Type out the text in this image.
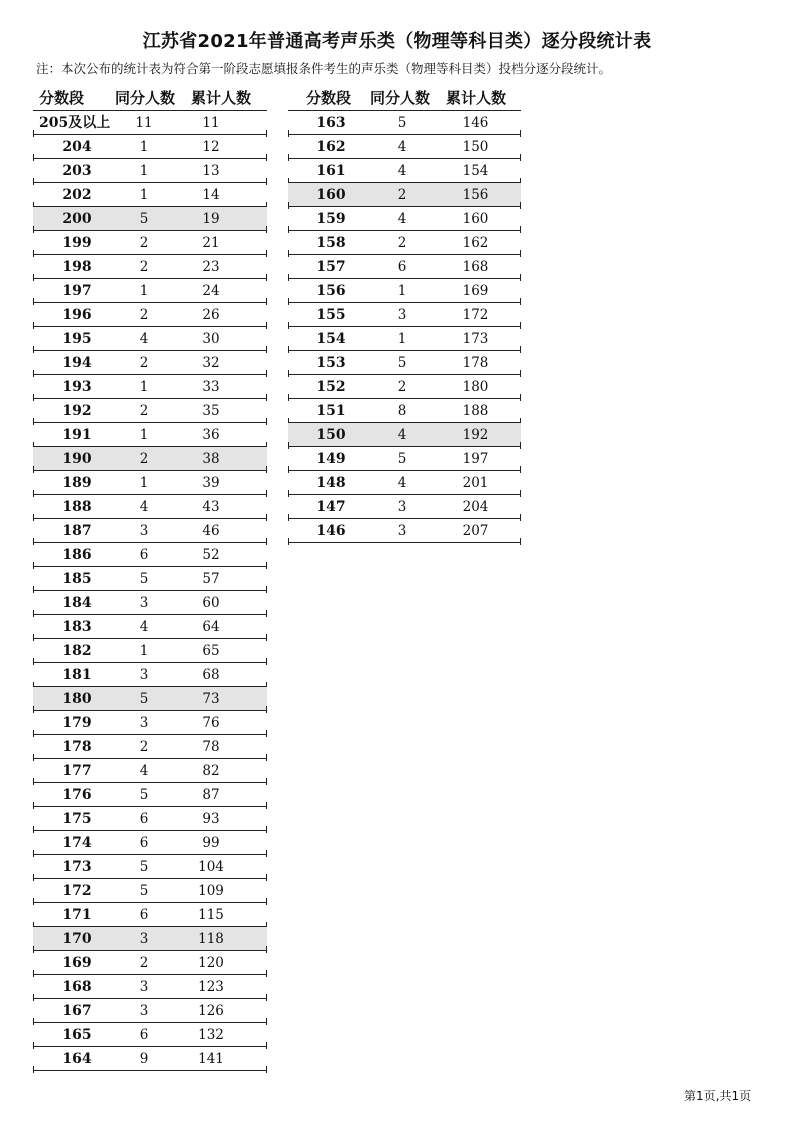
江苏省2021年普通高考声乐类（物理等科目类）逐分段统计表
注：本次公布的统计表为符合第一阶段志愿填报条件考生的声乐类（物理等科目类）投档分逐分段统计。
分数段 同分人数 累计人数
205及以上	11	11
204	1	12
203	1	13
202	1	14
200	5	19
199	2	21
198	2	23
197	1	24
196	2	26
195	4	30
194	2	32
193	1	33
192	2	35
191	1	36
190	2	38
189	1	39
188	4	43
187	3	46
186	6	52
185	5	57
184	3	60
183	4	64
182	1	65
181	3	68
180	5	73
179	3	76
178	2	78
177	4	82
176	5	87
175	6	93
174	6	99
173	5	104
172	5	109
171	6	115
170	3	118
169	2	120
168	3	123
167	3	126
165	6	132
164	9	141
分数段 同分人数 累计人数
163	5	146
162	4	150
161	4	154
160	2	156
159	4	160
158	2	162
157	6	168
156	1	169
155	3	172
154	1	173
153	5	178
152	2	180
151	8	188
150	4	192
149	5	197
148	4	201
147	3	204
146	3	207
第1页,共1页
